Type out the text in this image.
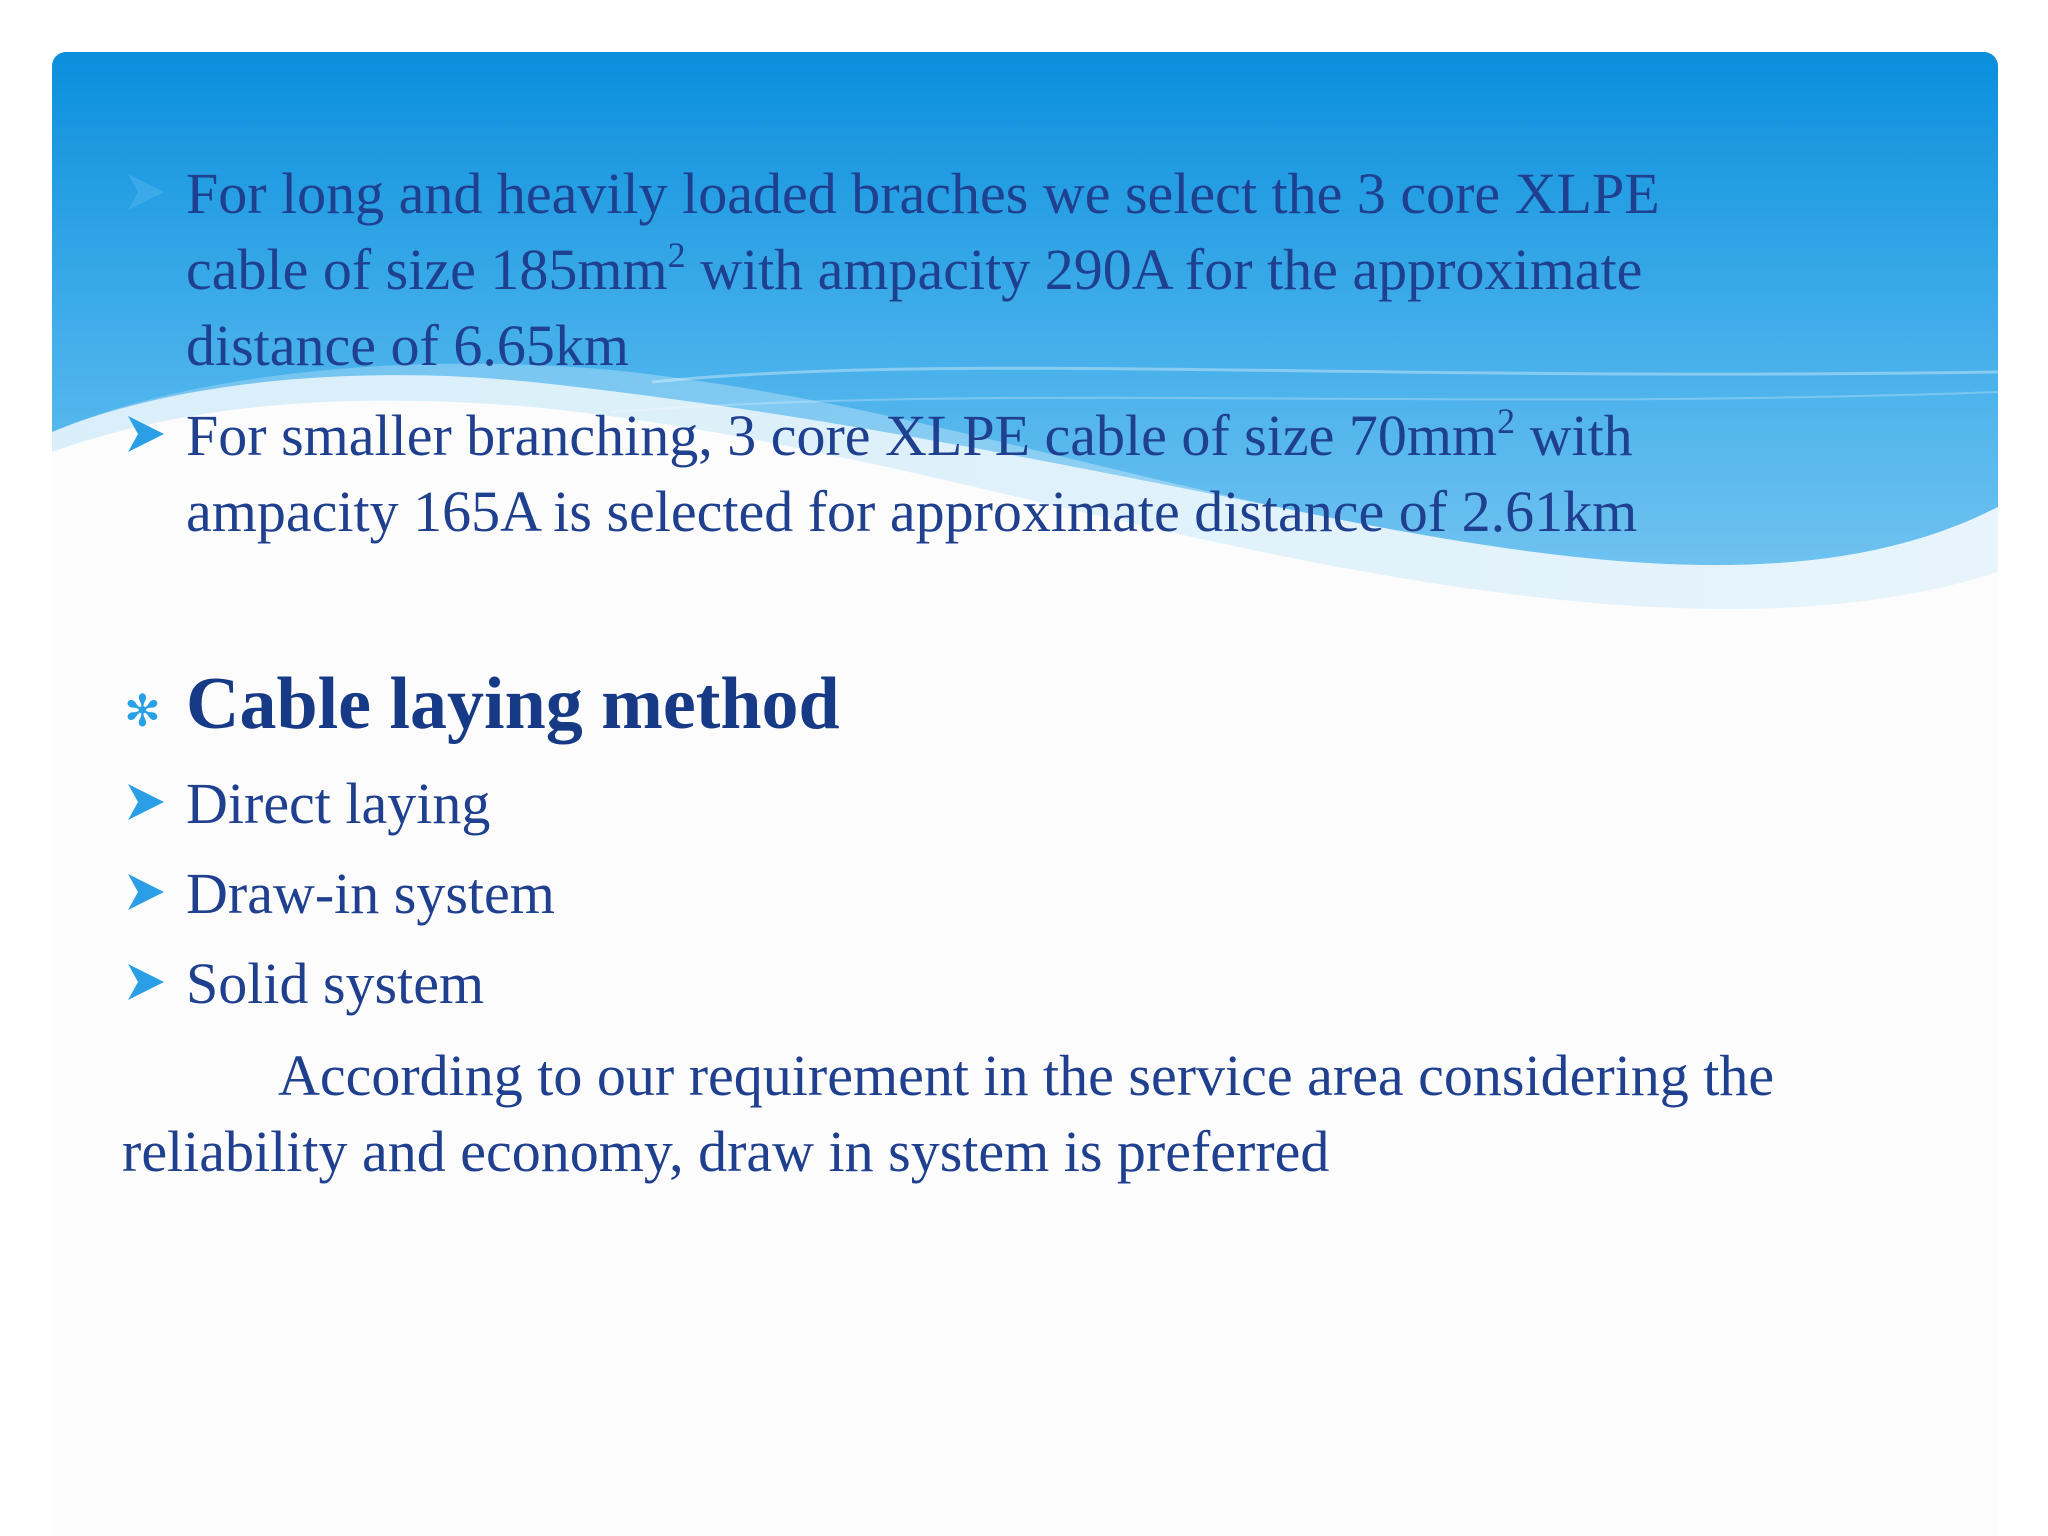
For long and heavily loaded braches we select the 3 core XLPE
cable of size $185mm^2$ with ampacity 290A for the approximate
distance of 6.65km
For smaller branching, 3 core XLPE cable of size $70mm^2$ with
ampacity 165A is selected for approximate distance of 2.61km
✻ Cable laying method
Direct laying
Draw-in system
Solid system
According to our requirement in the service area considering the
reliability and economy, draw in system is preferred
